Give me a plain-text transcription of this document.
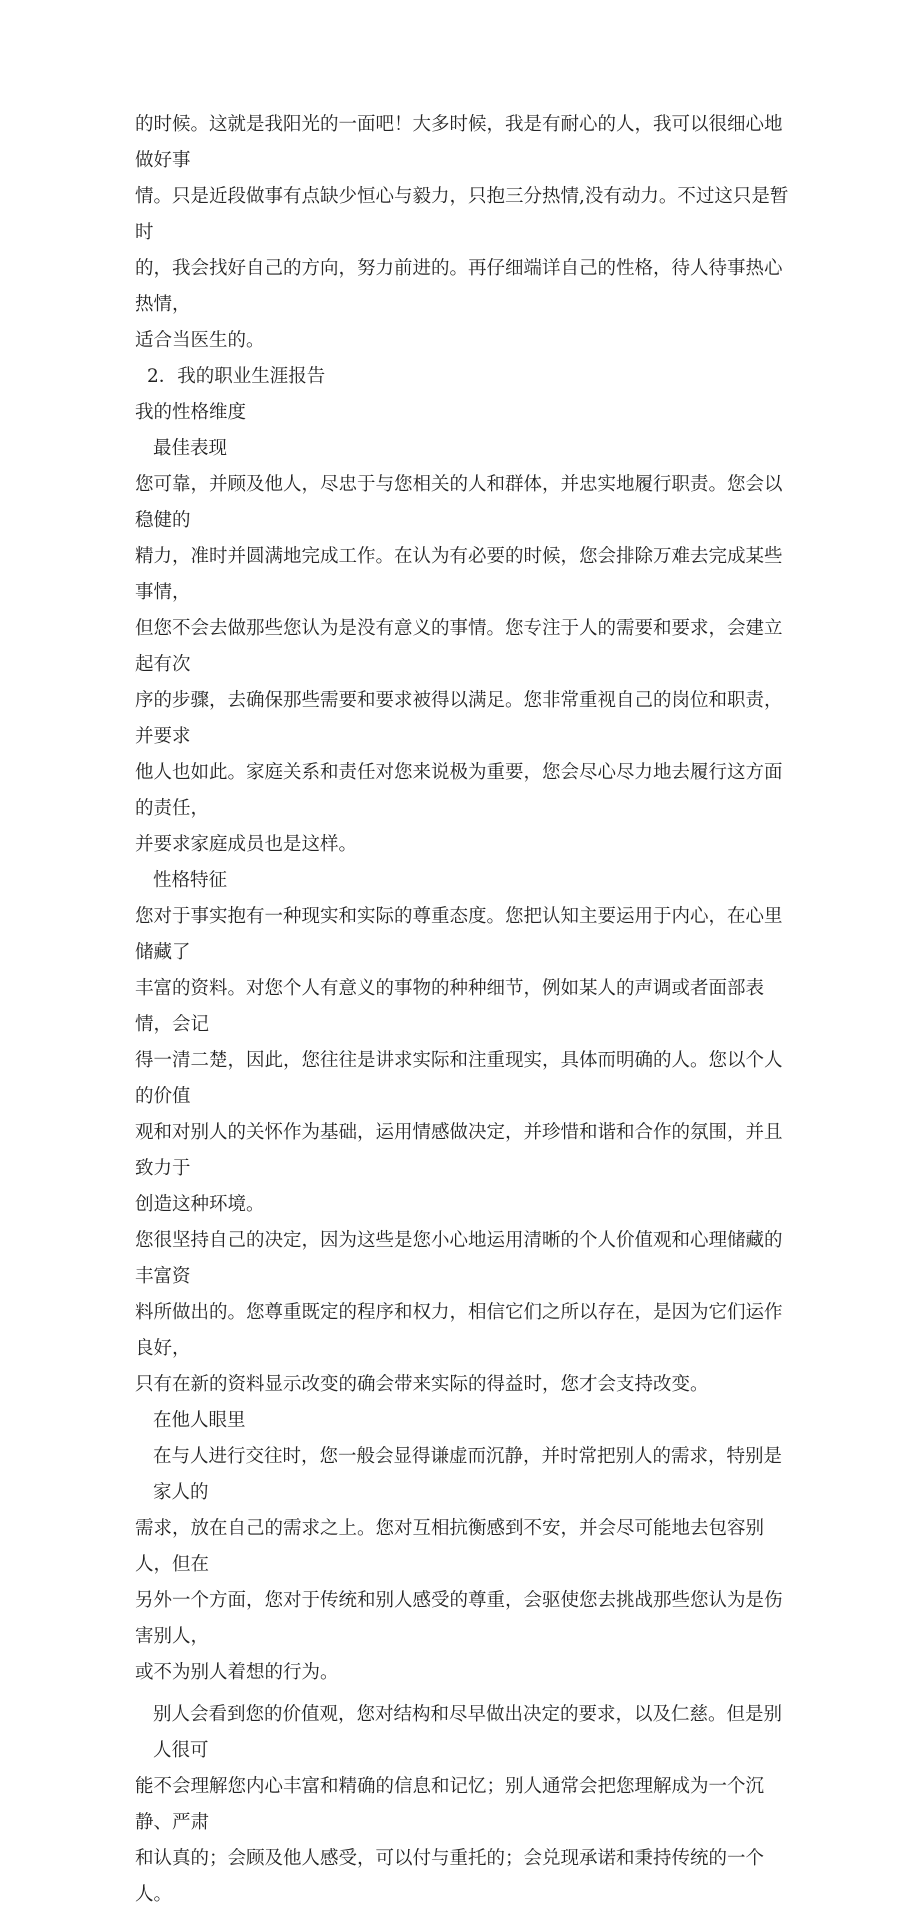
的时候。这就是我阳光的一面吧！大多时候，我是有耐心的人，我可以很细心地做好事

情。只是近段做事有点缺少恒心与毅力，只抱三分热情,没有动力。不过这只是暂时

的，我会找好自己的方向，努力前进的。再仔细端详自己的性格，待人待事热心热情，

适合当医生的。

2．我的职业生涯报告

我的性格维度

最佳表现

您可靠，并顾及他人，尽忠于与您相关的人和群体，并忠实地履行职责。您会以稳健的

精力，准时并圆满地完成工作。在认为有必要的时候，您会排除万难去完成某些事情，

但您不会去做那些您认为是没有意义的事情。您专注于人的需要和要求，会建立起有次

序的步骤，去确保那些需要和要求被得以满足。您非常重视自己的岗位和职责，并要求

他人也如此。家庭关系和责任对您来说极为重要，您会尽心尽力地去履行这方面的责任，

并要求家庭成员也是这样。

性格特征

您对于事实抱有一种现实和实际的尊重态度。您把认知主要运用于内心，在心里储藏了

丰富的资料。对您个人有意义的事物的种种细节，例如某人的声调或者面部表情，会记

得一清二楚，因此，您往往是讲求实际和注重现实，具体而明确的人。您以个人的价值

观和对别人的关怀作为基础，运用情感做决定，并珍惜和谐和合作的氛围，并且致力于

创造这种环境。

您很坚持自己的决定，因为这些是您小心地运用清晰的个人价值观和心理储藏的丰富资

料所做出的。您尊重既定的程序和权力，相信它们之所以存在，是因为它们运作良好，

只有在新的资料显示改变的确会带来实际的得益时，您才会支持改变。

在他人眼里

在与人进行交往时，您一般会显得谦虚而沉静，并时常把别人的需求，特别是家人的

需求，放在自己的需求之上。您对互相抗衡感到不安，并会尽可能地去包容别人，但在

另外一个方面，您对于传统和别人感受的尊重，会驱使您去挑战那些您认为是伤害别人，

或不为别人着想的行为。

别人会看到您的价值观，您对结构和尽早做出决定的要求，以及仁慈。但是别人很可

能不会理解您内心丰富和精确的信息和记忆；别人通常会把您理解成为一个沉静、严肃

和认真的；会顾及他人感受，可以付与重托的；会兑现承诺和秉持传统的一个人。
